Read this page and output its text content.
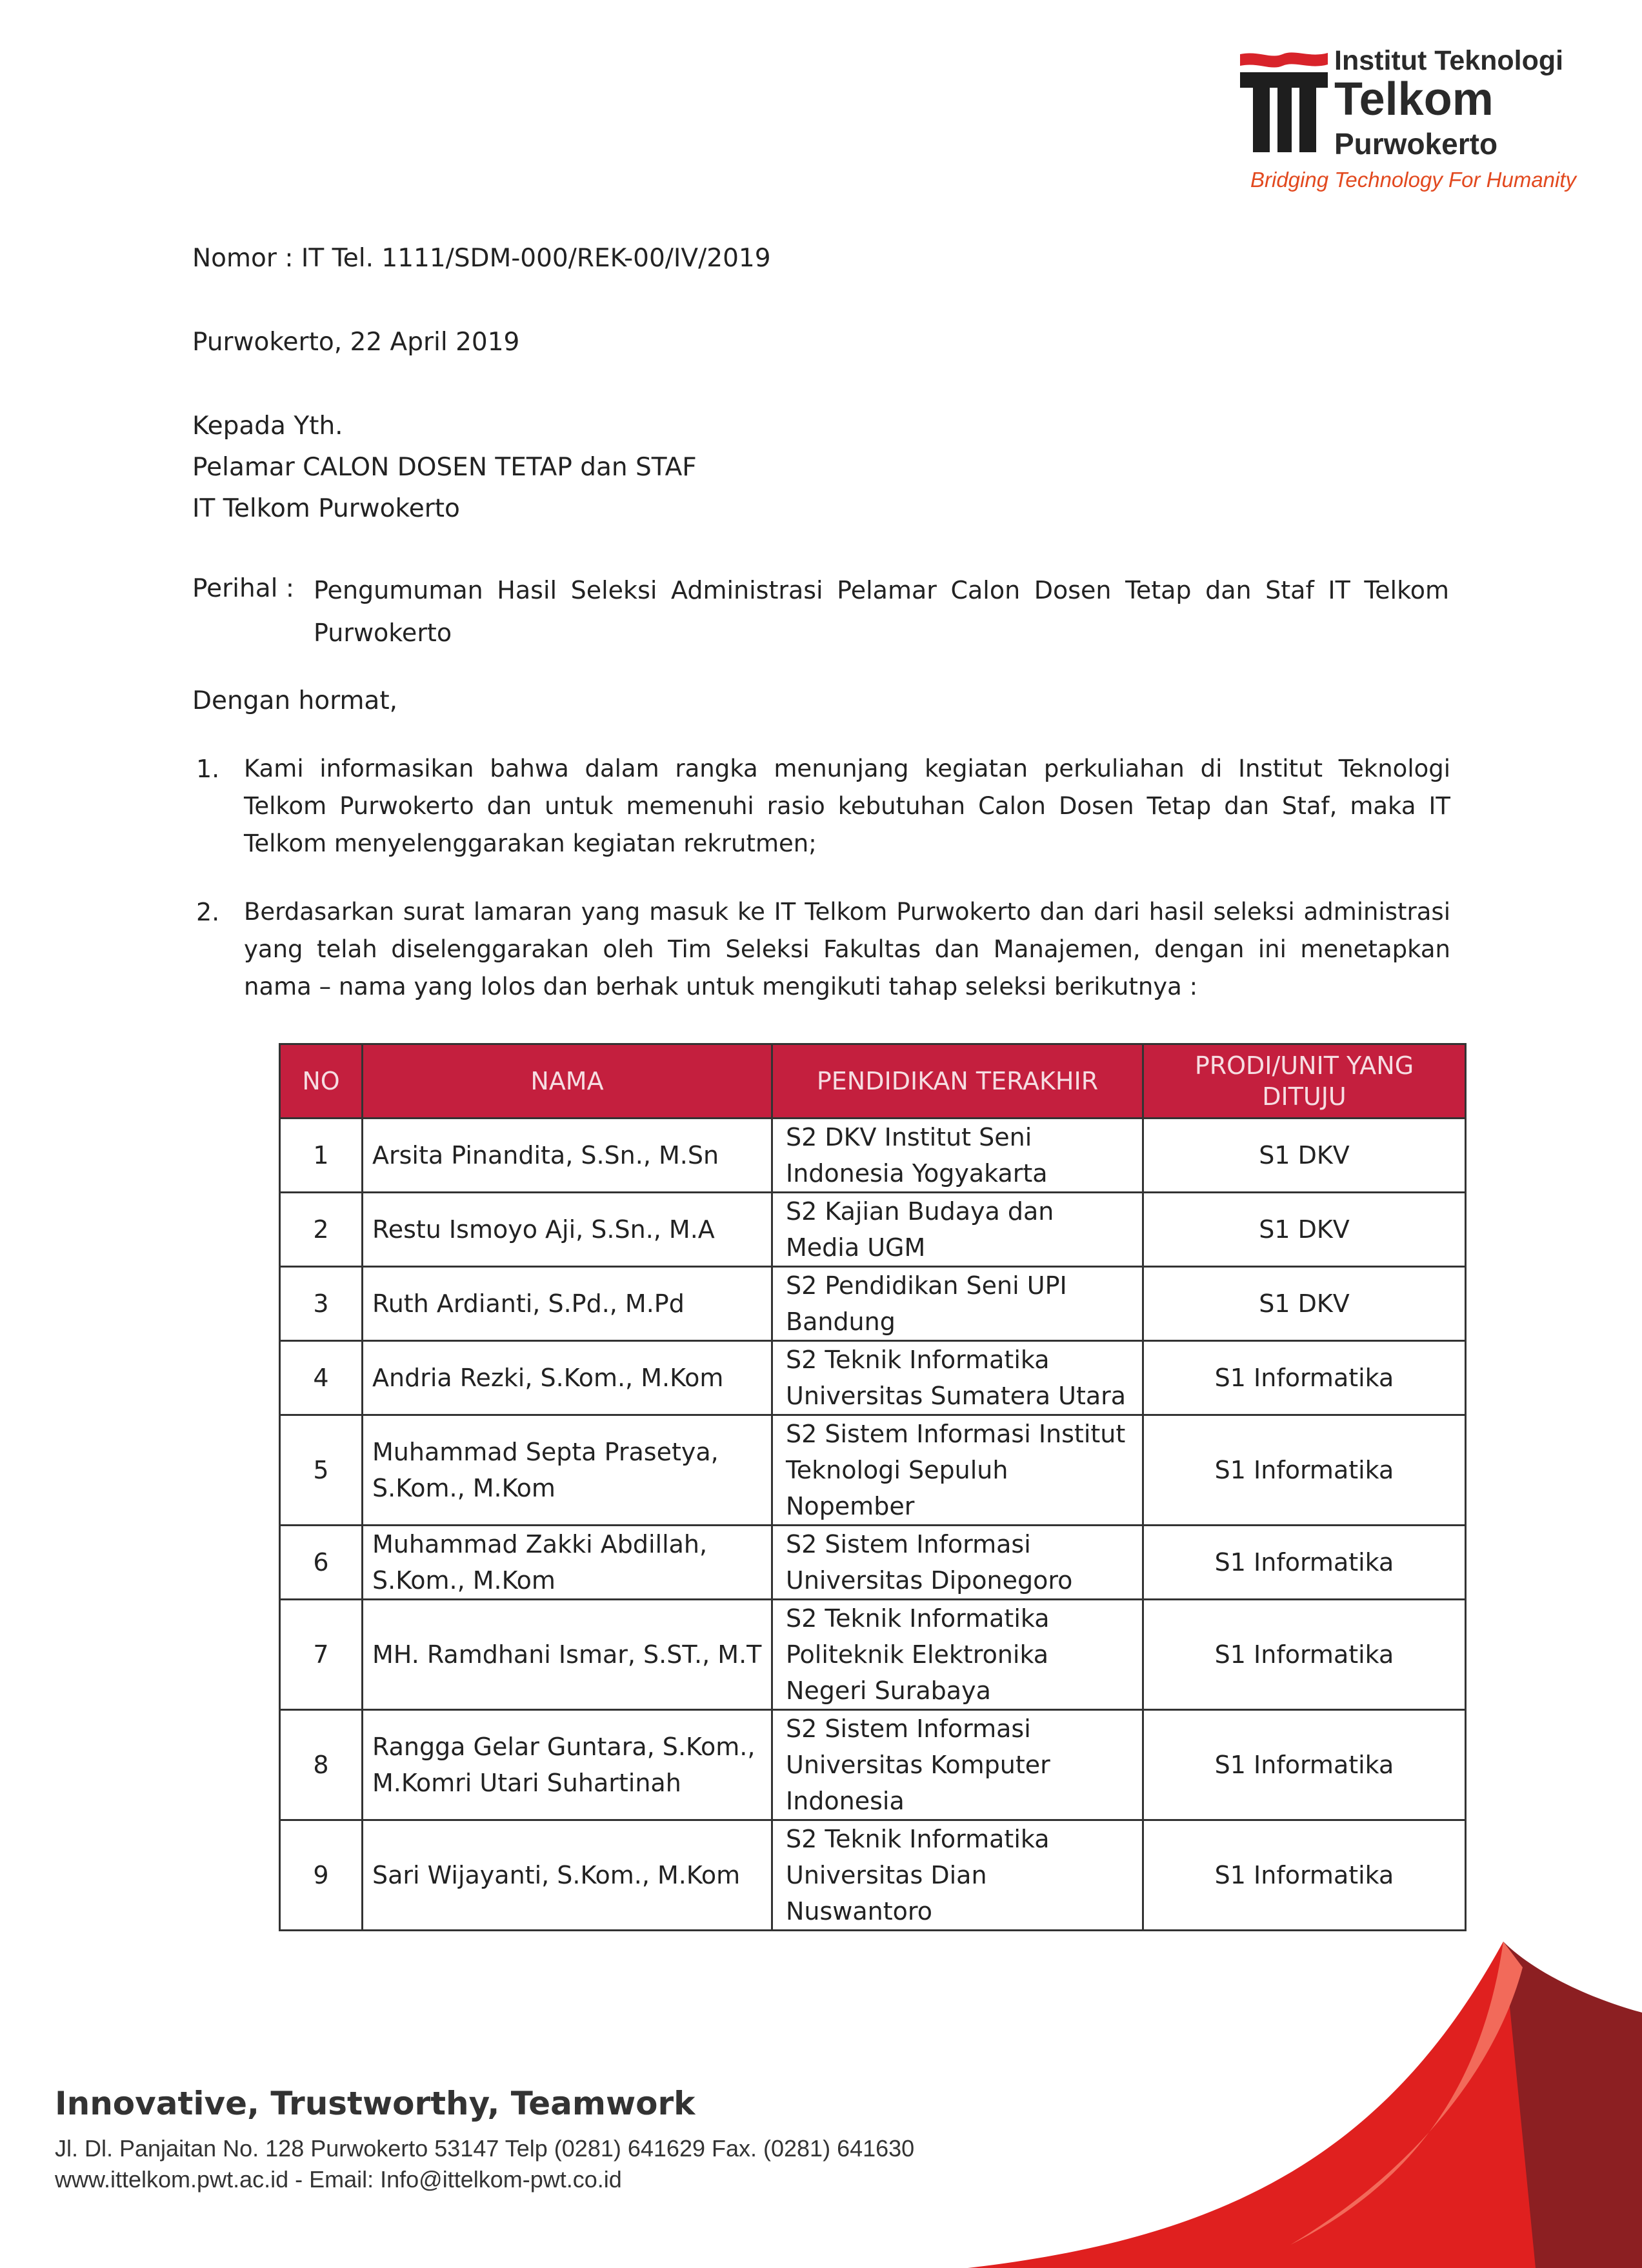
Institut Teknologi
Telkom
Purwokerto
Bridging Technology For Humanity
Nomor : IT Tel. 1111/SDM-000/REK-00/IV/2019
Purwokerto, 22 April 2019
Kepada Yth.
Pelamar CALON DOSEN TETAP dan STAF
IT Telkom Purwokerto
Perihal : Pengumuman Hasil Seleksi Administrasi Pelamar Calon Dosen Tetap dan Staf IT Telkom Purwokerto
Dengan hormat,
1. Kami informasikan bahwa dalam rangka menunjang kegiatan perkuliahan di Institut Teknologi Telkom Purwokerto dan untuk memenuhi rasio kebutuhan Calon Dosen Tetap dan Staf, maka IT Telkom menyelenggarakan kegiatan rekrutmen;
2. Berdasarkan surat lamaran yang masuk ke IT Telkom Purwokerto dan dari hasil seleksi administrasi yang telah diselenggarakan oleh Tim Seleksi Fakultas dan Manajemen, dengan ini menetapkan nama – nama yang lolos dan berhak untuk mengikuti tahap seleksi berikutnya :
NO	NAMA	PENDIDIKAN TERAKHIR	PRODI/UNIT YANG DITUJU
1	Arsita Pinandita, S.Sn., M.Sn	S2 DKV Institut Seni Indonesia Yogyakarta	S1 DKV
2	Restu Ismoyo Aji, S.Sn., M.A	S2 Kajian Budaya dan Media UGM	S1 DKV
3	Ruth Ardianti, S.Pd., M.Pd	S2 Pendidikan Seni UPI Bandung	S1 DKV
4	Andria Rezki, S.Kom., M.Kom	S2 Teknik Informatika Universitas Sumatera Utara	S1 Informatika
5	Muhammad Septa Prasetya, S.Kom., M.Kom	S2 Sistem Informasi Institut Teknologi Sepuluh Nopember	S1 Informatika
6	Muhammad Zakki Abdillah, S.Kom., M.Kom	S2 Sistem Informasi Universitas Diponegoro	S1 Informatika
7	MH. Ramdhani Ismar, S.ST., M.T	S2 Teknik Informatika Politeknik Elektronika Negeri Surabaya	S1 Informatika
8	Rangga Gelar Guntara, S.Kom., M.Komri Utari Suhartinah	S2 Sistem Informasi Universitas Komputer Indonesia	S1 Informatika
9	Sari Wijayanti, S.Kom., M.Kom	S2 Teknik Informatika Universitas Dian Nuswantoro	S1 Informatika
Innovative, Trustworthy, Teamwork
Jl. Dl. Panjaitan No. 128 Purwokerto 53147 Telp (0281) 641629 Fax. (0281) 641630
www.ittelkom.pwt.ac.id - Email: Info@ittelkom-pwt.co.id
